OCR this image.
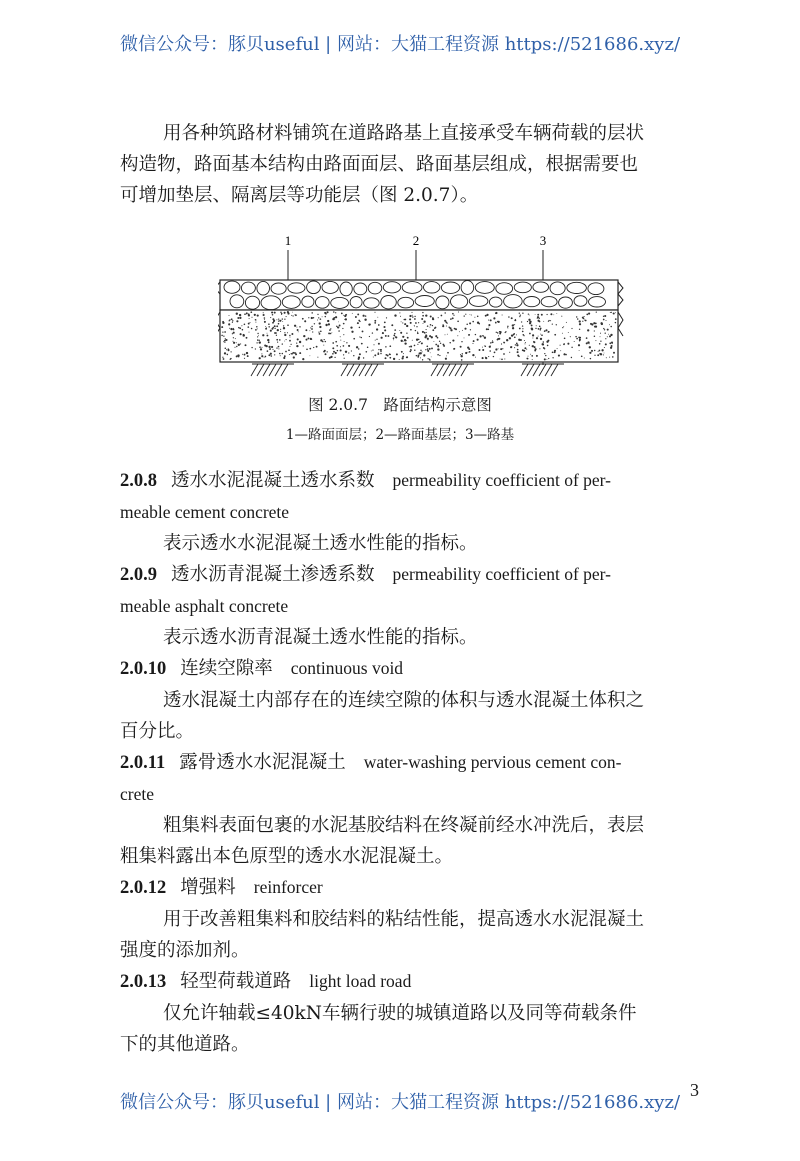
微信公众号：豚贝useful | 网站：大猫工程资源 https://521686.xyz/

用各种筑路材料铺筑在道路路基上直接承受车辆荷载的层状

构造物，路面基本结构由路面面层、路面基层组成，根据需要也

可增加垫层、隔离层等功能层（图 2.0.7）。

1	2	3

图 2.0.7　路面结构示意图

1—路面面层；2—路面基层；3—路基

2.0.8 透水水泥混凝土透水系数 permeability coefficient of per-

meable cement concrete

表示透水水泥混凝土透水性能的指标。

2.0.9 透水沥青混凝土渗透系数 permeability coefficient of per-

meable asphalt concrete

表示透水沥青混凝土透水性能的指标。

2.0.10 连续空隙率 continuous void

透水混凝土内部存在的连续空隙的体积与透水混凝土体积之

百分比。

2.0.11 露骨透水水泥混凝土 water-washing pervious cement con-

crete

粗集料表面包裹的水泥基胶结料在终凝前经水冲洗后，表层

粗集料露出本色原型的透水水泥混凝土。

2.0.12 增强料 reinforcer

用于改善粗集料和胶结料的粘结性能，提高透水水泥混凝土

强度的添加剂。

2.0.13 轻型荷载道路 light load road

仅允许轴载≤40kN车辆行驶的城镇道路以及同等荷载条件

下的其他道路。

3
微信公众号：豚贝useful | 网站：大猫工程资源 https://521686.xyz/
